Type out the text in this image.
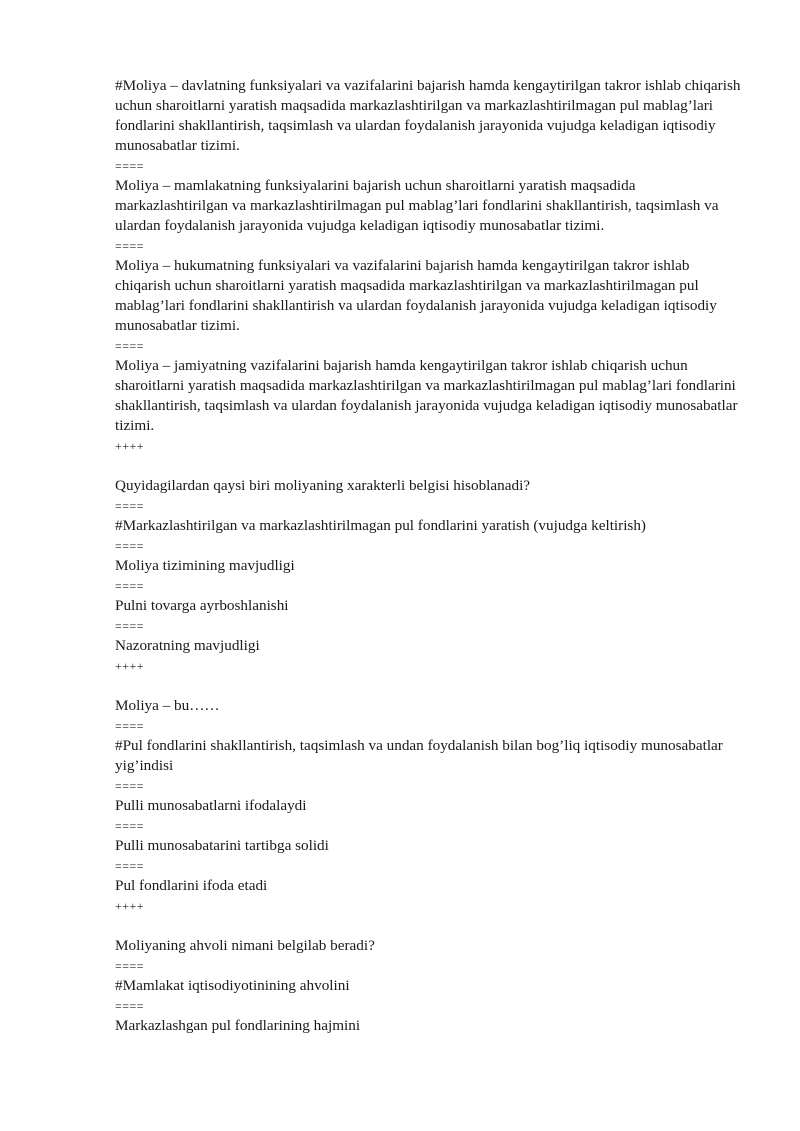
#Moliya – davlatning funksiyalari va vazifalarini bajarish hamda kengaytirilgan takror ishlab chiqarish uchun sharoitlarni yaratish maqsadida markazlashtirilgan va markazlashtirilmagan pul mablag’lari fondlarini shakllantirish, taqsimlash va ulardan foydalanish jarayonida vujudga keladigan iqtisodiy munosabatlar tizimi.

====

Moliya – mamlakatning funksiyalarini bajarish uchun sharoitlarni yaratish maqsadida markazlashtirilgan va markazlashtirilmagan pul mablag’lari fondlarini shakllantirish, taqsimlash va ulardan foydalanish jarayonida vujudga keladigan iqtisodiy munosabatlar tizimi.

====

Moliya – hukumatning funksiyalari va vazifalarini bajarish hamda kengaytirilgan takror ishlab chiqarish uchun sharoitlarni yaratish maqsadida markazlashtirilgan va markazlashtirilmagan pul mablag’lari fondlarini shakllantirish va ulardan foydalanish jarayonida vujudga keladigan iqtisodiy munosabatlar tizimi.

====

Moliya – jamiyatning vazifalarini bajarish hamda kengaytirilgan takror ishlab chiqarish uchun sharoitlarni yaratish maqsadida markazlashtirilgan va markazlashtirilmagan pul mablag’lari fondlarini shakllantirish, taqsimlash va ulardan foydalanish jarayonida vujudga keladigan iqtisodiy munosabatlar tizimi.

++++

Quyidagilardan qaysi biri moliyaning xarakterli belgisi hisoblanadi?

====

#Markazlashtirilgan va markazlashtirilmagan pul fondlarini yaratish (vujudga keltirish)

====

Moliya tizimining mavjudligi

====

Pulni tovarga ayrboshlanishi

====

Nazoratning mavjudligi

++++

Moliya – bu……

====

#Pul fondlarini shakllantirish, taqsimlash va undan foydalanish bilan bog’liq iqtisodiy munosabatlar yig’indisi

====

Pulli munosabatlarni ifodalaydi

====

Pulli munosabatarini tartibga solidi

====

Pul fondlarini ifoda etadi

++++

Moliyaning ahvoli nimani belgilab beradi?

====

#Mamlakat iqtisodiyotinining ahvolini

====

Markazlashgan pul fondlarining hajmini
